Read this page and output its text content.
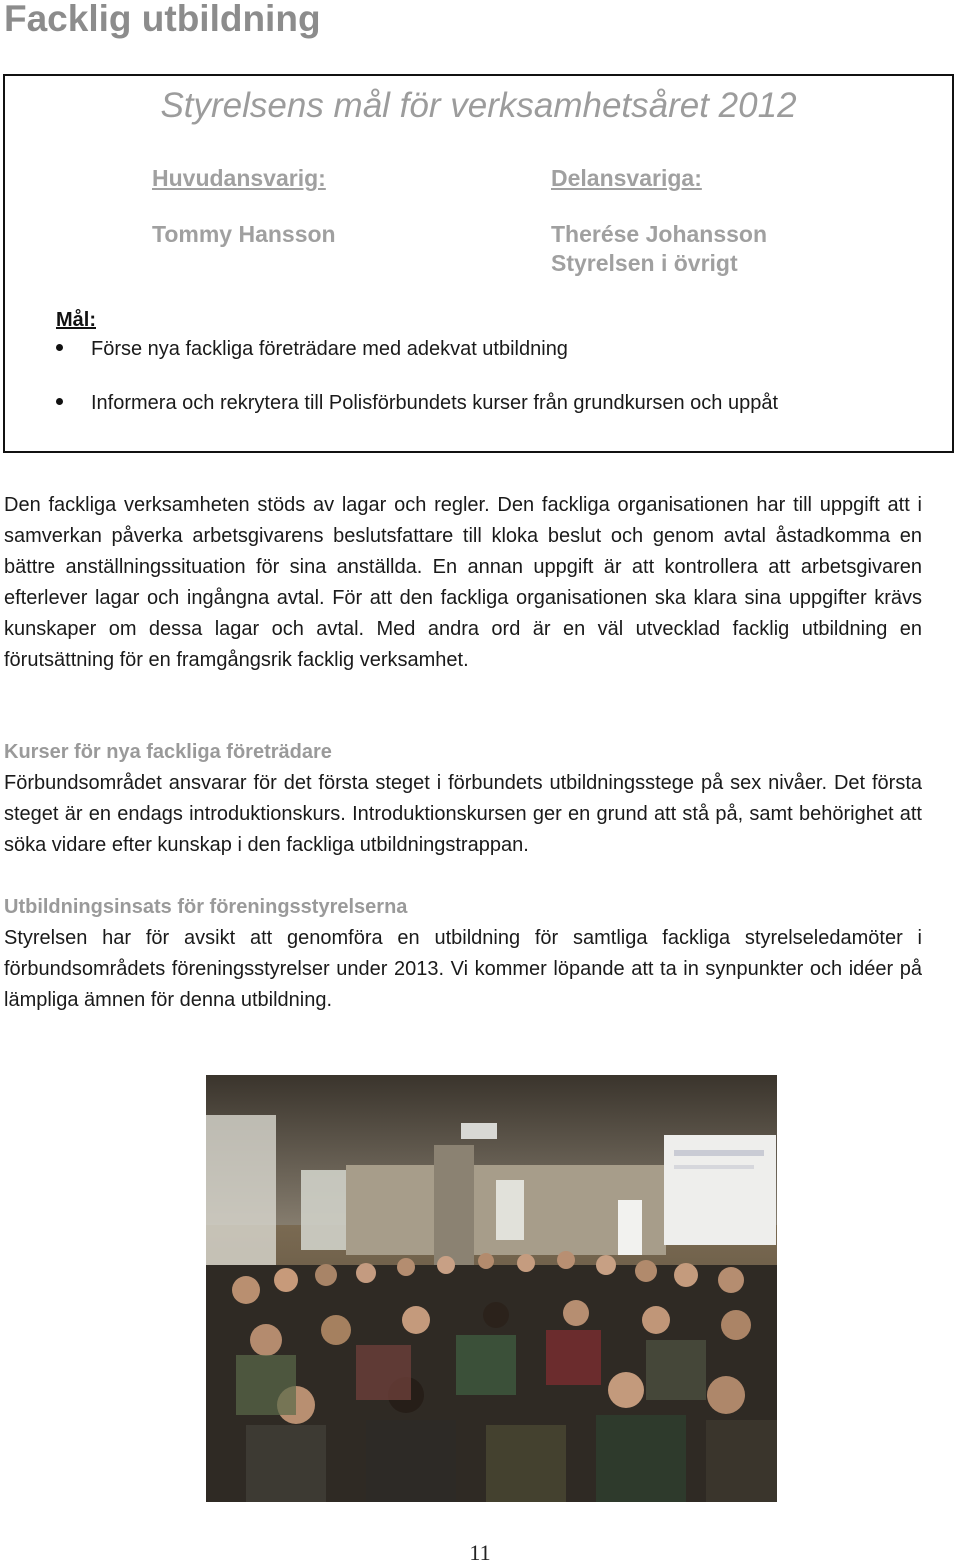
Facklig utbildning
Styrelsens mål för verksamhetsåret 2012
Huvudansvarig:
Tommy Hansson
Delansvariga:
Therése Johansson
Styrelsen i övrigt
Mål:
Förse nya fackliga företrädare med adekvat utbildning
Informera och rekrytera till Polisförbundets kurser från grundkursen och uppåt

Den fackliga verksamheten stöds av lagar och regler. Den fackliga organisationen har till uppgift att i samverkan påverka arbetsgivarens beslutsfattare till kloka beslut och genom avtal åstadkomma en bättre anställningssituation för sina anställda. En annan uppgift är att kontrollera att arbetsgivaren efterlever lagar och ingångna avtal. För att den fackliga organisationen ska klara sina uppgifter krävs kunskaper om dessa lagar och avtal. Med andra ord är en väl utvecklad facklig utbildning en förutsättning för en framgångsrik facklig verksamhet.

Kurser för nya fackliga företrädare

Förbundsområdet ansvarar för det första steget i förbundets utbildningsstege på sex nivåer. Det första steget är en endags introduktionskurs. Introduktionskursen ger en grund att stå på, samt behörighet att söka vidare efter kunskap i den fackliga utbildningstrappan.

Utbildningsinsats för föreningsstyrelserna

Styrelsen har för avsikt att genomföra en utbildning för samtliga fackliga styrelseledamöter i förbundsområdets föreningsstyrelser under 2013. Vi kommer löpande att ta in synpunkter och idéer på lämpliga ämnen för denna utbildning.

11
